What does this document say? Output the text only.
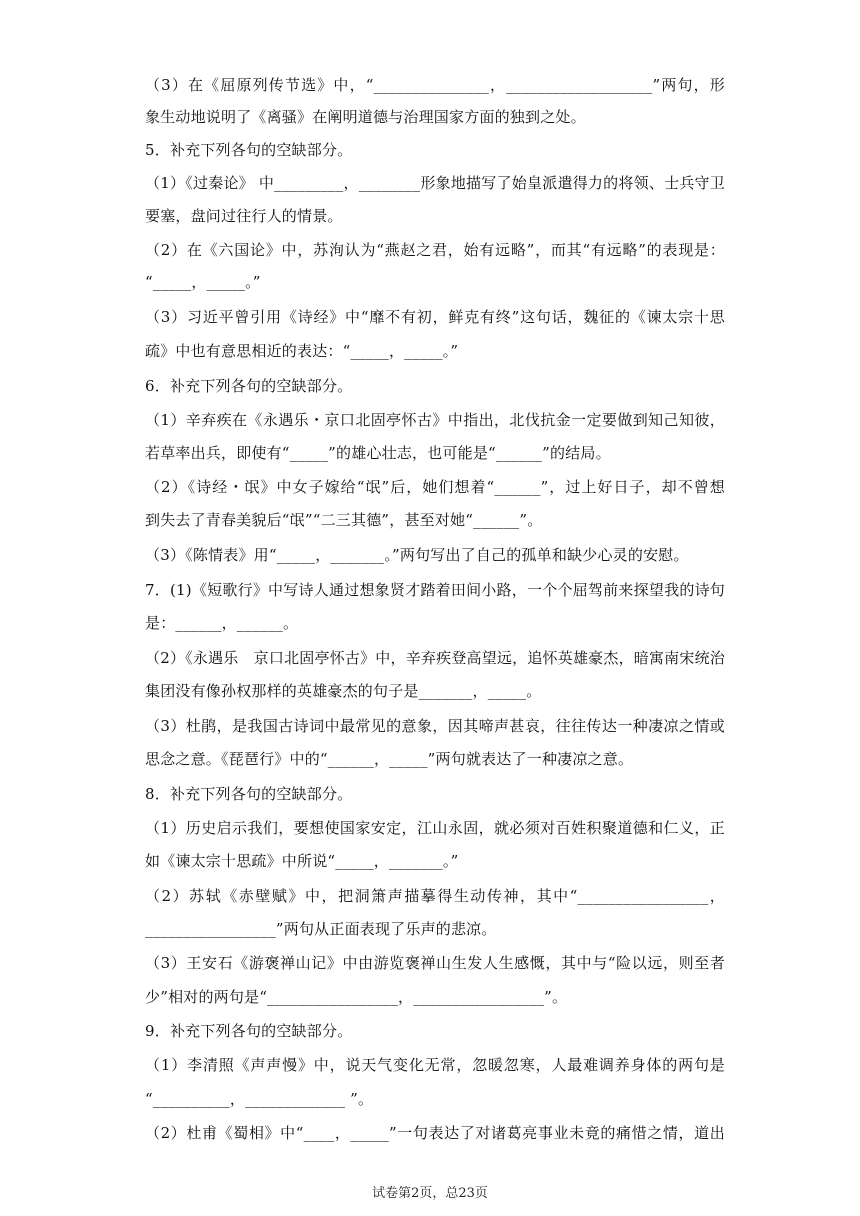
（3）在《屈原列传节选》中，“_______________，___________________”两句，形
象生动地说明了《离骚》在阐明道德与治理国家方面的独到之处。
5．补充下列各句的空缺部分。
（1）《过秦论》 中_________，________形象地描写了始皇派遣得力的将领、士兵守卫
要塞，盘问过往行人的情景。
（2）在《六国论》中，苏洵认为“燕赵之君，始有远略”，而其“有远略”的表现是：
“_____，_____。”
（3）习近平曾引用《诗经》中“靡不有初，鲜克有终”这句话，魏征的《谏太宗十思
疏》中也有意思相近的表达：“_____，_____。”
6．补充下列各句的空缺部分。
（1）辛弃疾在《永遇乐・京口北固亭怀古》中指出，北伐抗金一定要做到知己知彼，
若草率出兵，即使有“_____”的雄心壮志，也可能是“______”的结局。
（2）《诗经・氓》中女子嫁给“氓”后，她们想着“______”，过上好日子，却不曾想
到失去了青春美貌后“氓”“二三其德”，甚至对她“______”。
（3）《陈情表》用“_____，_______。”两句写出了自己的孤单和缺少心灵的安慰。
7．(1)《短歌行》中写诗人通过想象贤才踏着田间小路，一个个屈驾前来探望我的诗句
是：______，______。
（2）《永遇乐　京口北固亭怀古》中，辛弃疾登高望远，追怀英雄豪杰，暗寓南宋统治
集团没有像孙权那样的英雄豪杰的句子是_______，_____。
（3）杜鹃，是我国古诗词中最常见的意象，因其啼声甚哀，往往传达一种凄凉之情或
思念之意。《琵琶行》中的“______，_____”两句就表达了一种凄凉之意。
8．补充下列各句的空缺部分。
（1）历史启示我们，要想使国家安定，江山永固，就必须对百姓积聚道德和仁义，正
如《谏太宗十思疏》中所说“_____，_______。”
（2）苏轼《赤壁赋》中，把洞箫声描摹得生动传神，其中“_________________，
_________________”两句从正面表现了乐声的悲凉。
（3）王安石《游褒禅山记》中由游览褒禅山生发人生感慨，其中与“险以远，则至者
少”相对的两句是“_________________，_________________”。
9．补充下列各句的空缺部分。
（1）李清照《声声慢》中，说天气变化无常，忽暖忽寒，人最难调养身体的两句是
“__________，_____________ ”。
（2）杜甫《蜀相》中“____，_____”一句表达了对诸葛亮事业未竟的痛惜之情，道出
试卷第2页，总23页
